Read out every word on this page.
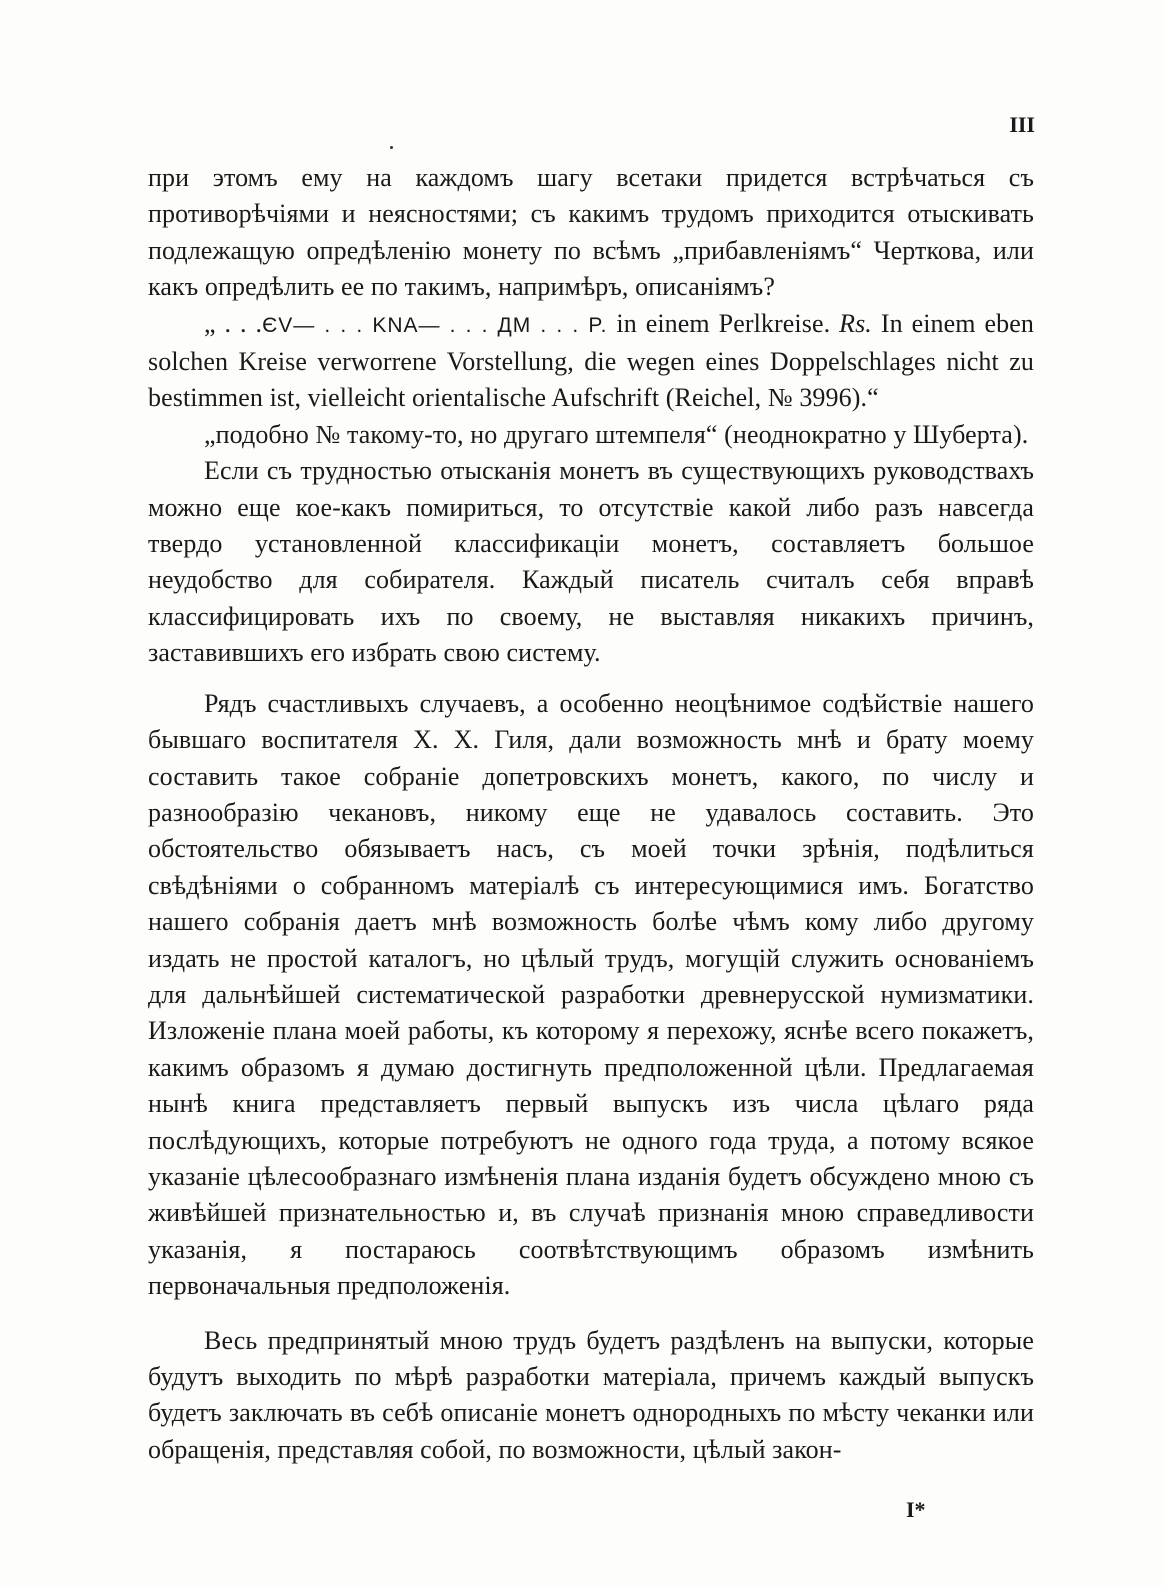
III

при этомъ ему на каждомъ шагу всетаки придется встрѣчаться съ противорѣчiями и неясностями; съ какимъ трудомъ приходится отыскивать подлежащую опредѣленiю монету по всѣмъ „прибавленiямъ“ Черткова, или какъ опредѣлить ее по такимъ, напримѣръ, описанiямъ?

„ . . .ЄV— . . . KNA— . . . ДM . . . P. in einem Perlkreise. Rs. In einem eben solchen Kreise verworrene Vorstellung, die wegen eines Doppelschlages nicht zu bestimmen ist, vielleicht orientalische Aufschrift (Reichel, № 3996).“

„подобно № такому-то, но другаго штемпеля“ (неоднократно у Шуберта).

Если съ трудностью отысканiя монетъ въ существующихъ руководствахъ можно еще кое-какъ помириться, то отсутствiе какой либо разъ навсегда твердо установленной классификацiи монетъ, составляетъ большое неудобство для собирателя. Каждый писатель считалъ себя вправѣ классифицировать ихъ по своему, не выставляя никакихъ причинъ, заставившихъ его избрать свою систему.

Рядъ счастливыхъ случаевъ, а особенно неоцѣнимое содѣйствiе нашего бывшаго воспитателя Х. Х. Гиля, дали возможность мнѣ и брату моему составить такое собранiе допетровскихъ монетъ, какого, по числу и разнообразiю чекановъ, никому еще не удавалось составить. Это обстоятельство обязываетъ насъ, съ моей точки зрѣнiя, подѣлиться свѣдѣнiями о собранномъ матерiалѣ съ интересующимися имъ. Богатство нашего собранiя даетъ мнѣ возможность болѣе чѣмъ кому либо другому издать не простой каталогъ, но цѣлый трудъ, могущiй служить основанiемъ для дальнѣйшей систематической разработки древнерусской нумизматики. Изложенiе плана моей работы, къ которому я перехожу, яснѣе всего покажетъ, какимъ образомъ я думаю достигнуть предположенной цѣли. Предлагаемая нынѣ книга представляетъ первый выпускъ изъ числа цѣлаго ряда послѣдующихъ, которые потребуютъ не одного года труда, а потому всякое указанiе цѣлесообразнаго измѣненiя плана изданiя будетъ обсуждено мною съ живѣйшей признательностью и, въ случаѣ признанiя мною справедливости указанiя, я постараюсь соотвѣтствующимъ образомъ измѣнить первоначальныя предположенiя.

Весь предпринятый мною трудъ будетъ раздѣленъ на выпуски, которые будутъ выходить по мѣрѣ разработки матерiала, причемъ каждый выпускъ будетъ заключать въ себѣ описанiе монетъ однородныхъ по мѣсту чеканки или обращенiя, представляя собой, по возможности, цѣлый закон-

I*
